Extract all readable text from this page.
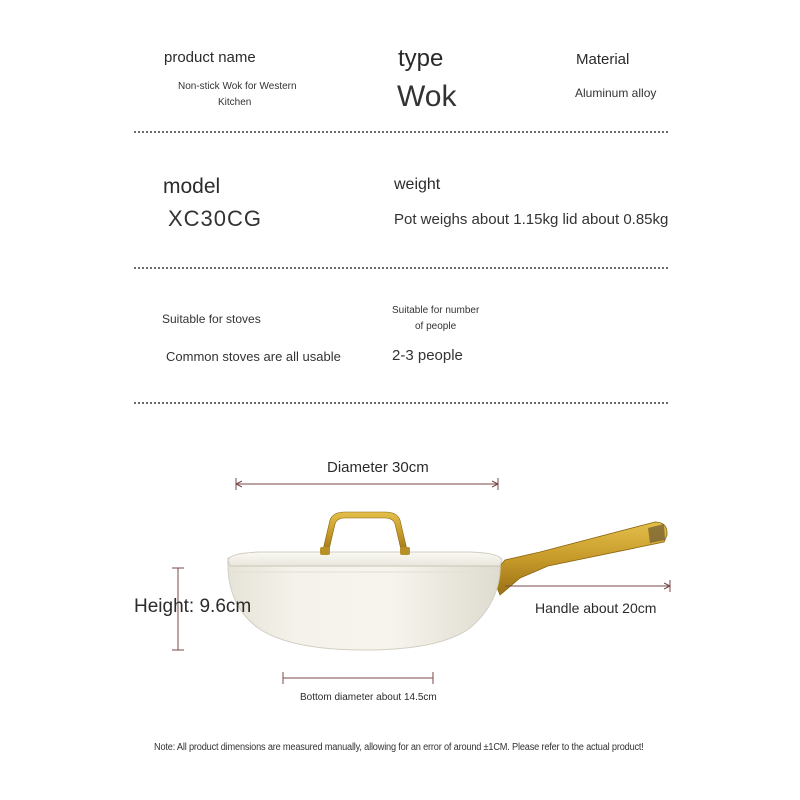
product name
Non-stick Wok for Western
Kitchen
type
Wok
Material
Aluminum alloy
model
XC30CG
weight
Pot weighs about 1.15kg lid about 0.85kg
Suitable for stoves
Common stoves are all usable
Suitable for number
of people
2-3 people
Diameter 30cm
Height: 9.6cm	Handle about 20cm
Bottom diameter about 14.5cm
Note: All product dimensions are measured manually, allowing for an error of around ±1CM. Please refer to the actual product!
